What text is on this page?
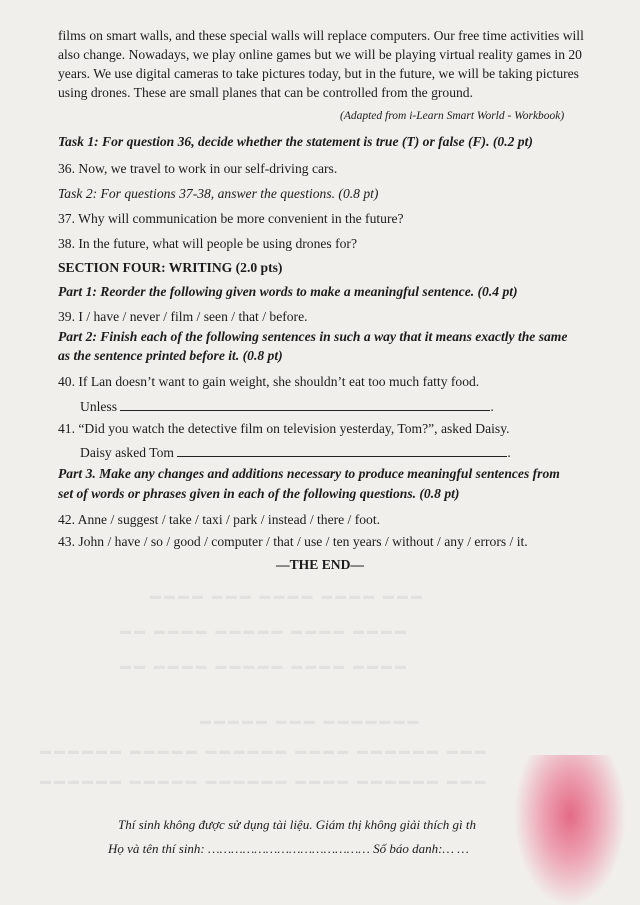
▬▬▬▬ ▬▬▬ ▬▬▬▬ ▬▬▬▬ ▬▬▬
▬▬ ▬▬▬▬ ▬▬▬▬▬ ▬▬▬▬ ▬▬▬▬
▬▬ ▬▬▬▬ ▬▬▬▬▬ ▬▬▬▬ ▬▬▬▬
▬▬▬▬▬ ▬▬▬ ▬▬▬▬▬▬▬
▬▬▬▬▬▬ ▬▬▬▬▬ ▬▬▬▬▬▬ ▬▬▬▬ ▬▬▬▬▬▬ ▬▬▬
▬▬▬▬▬▬ ▬▬▬▬▬ ▬▬▬▬▬▬ ▬▬▬▬ ▬▬▬▬▬▬ ▬▬▬
films on smart walls, and these special walls will replace computers. Our free time activities will
also change. Nowadays, we play online games but we will be playing virtual reality games in 20
years. We use digital cameras to take pictures today, but in the future, we will be taking pictures
using drones. These are small planes that can be controlled from the ground.
(Adapted from i-Learn Smart World - Workbook)
Task 1: For question 36, decide whether the statement is true (T) or false (F). (0.2 pt)
36. Now, we travel to work in our self-driving cars.
Task 2: For questions 37-38, answer the questions. (0.8 pt)
37. Why will communication be more convenient in the future?
38. In the future, what will people be using drones for?
SECTION FOUR: WRITING (2.0 pts)
Part 1: Reorder the following given words to make a meaningful sentence. (0.4 pt)
39. I / have / never / film / seen / that / before.
Part 2: Finish each of the following sentences in such a way that it means exactly the same
as the sentence printed before it. (0.8 pt)
40. If Lan doesn’t want to gain weight, she shouldn’t eat too much fatty food.
Unless	.
41. “Did you watch the detective film on television yesterday, Tom?”, asked Daisy.
Daisy asked Tom	.
Part 3. Make any changes and additions necessary to produce meaningful sentences from
set of words or phrases given in each of the following questions. (0.8 pt)
42. Anne / suggest / take / taxi / park / instead / there / foot.
43. John / have / so / good / computer / that / use / ten years / without / any / errors / it.
—THE END—
Thí sinh không được sử dụng tài liệu. Giám thị không giải thích gì th
Họ và tên thí sinh: …………………………………… Số báo danh:… …
